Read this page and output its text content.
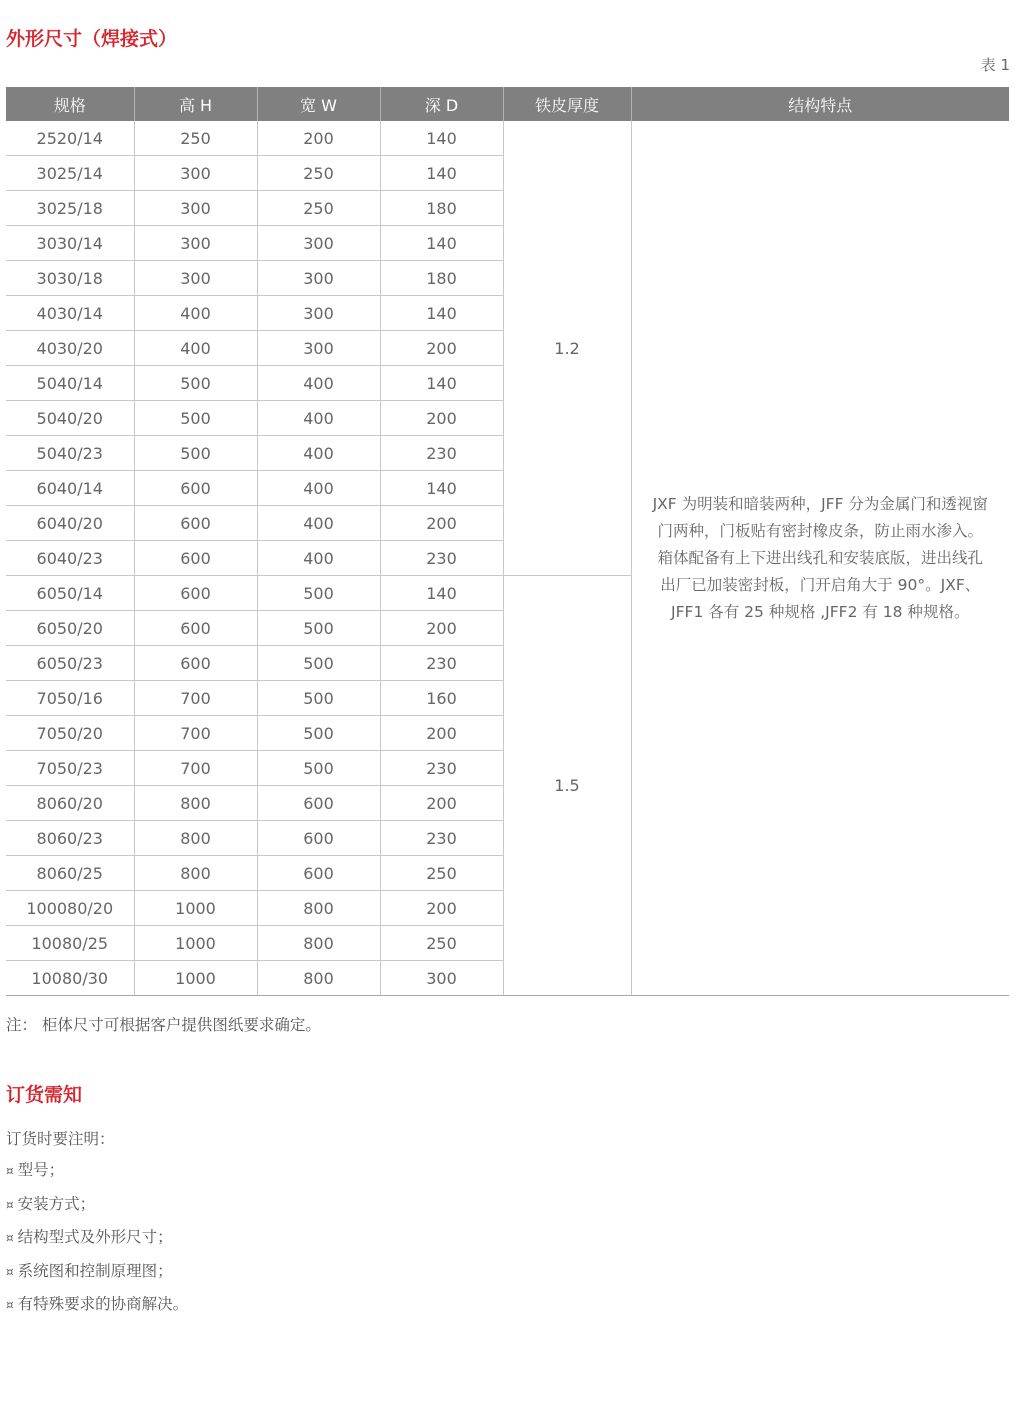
外形尺寸（焊接式）
表 1
规格	高 H	宽 W	深 D	铁皮厚度	结构特点
2520/14	250	200	140	1.2	JXF 为明装和暗装两种，JFF 分为金属门和透视窗门两种，门板贴有密封橡皮条，防止雨水渗入。箱体配备有上下进出线孔和安装底版，进出线孔出厂已加装密封板，门开启角大于 90°。JXF、JFF1 各有 25 种规格 ,JFF2 有 18 种规格。
3025/14	300	250	140		
3025/18	300	250	180		
3030/14	300	300	140		
3030/18	300	300	180		
4030/14	400	300	140		
4030/20	400	300	200		
5040/14	500	400	140		
5040/20	500	400	200		
5040/23	500	400	230		
6040/14	600	400	140		
6040/20	600	400	200		
6040/23	600	400	230		
6050/14	600	500	140	1.5	
6050/20	600	500	200		
6050/23	600	500	230		
7050/16	700	500	160		
7050/20	700	500	200		
7050/23	700	500	230		
8060/20	800	600	200		
8060/23	800	600	230		
8060/25	800	600	250		
100080/20	1000	800	200		
10080/25	1000	800	250		
10080/30	1000	800	300		
注： 柜体尺寸可根据客户提供图纸要求确定。
订货需知
订货时要注明：
¤ 型号；
¤ 安装方式；
¤ 结构型式及外形尺寸；
¤ 系统图和控制原理图；
¤ 有特殊要求的协商解决。
